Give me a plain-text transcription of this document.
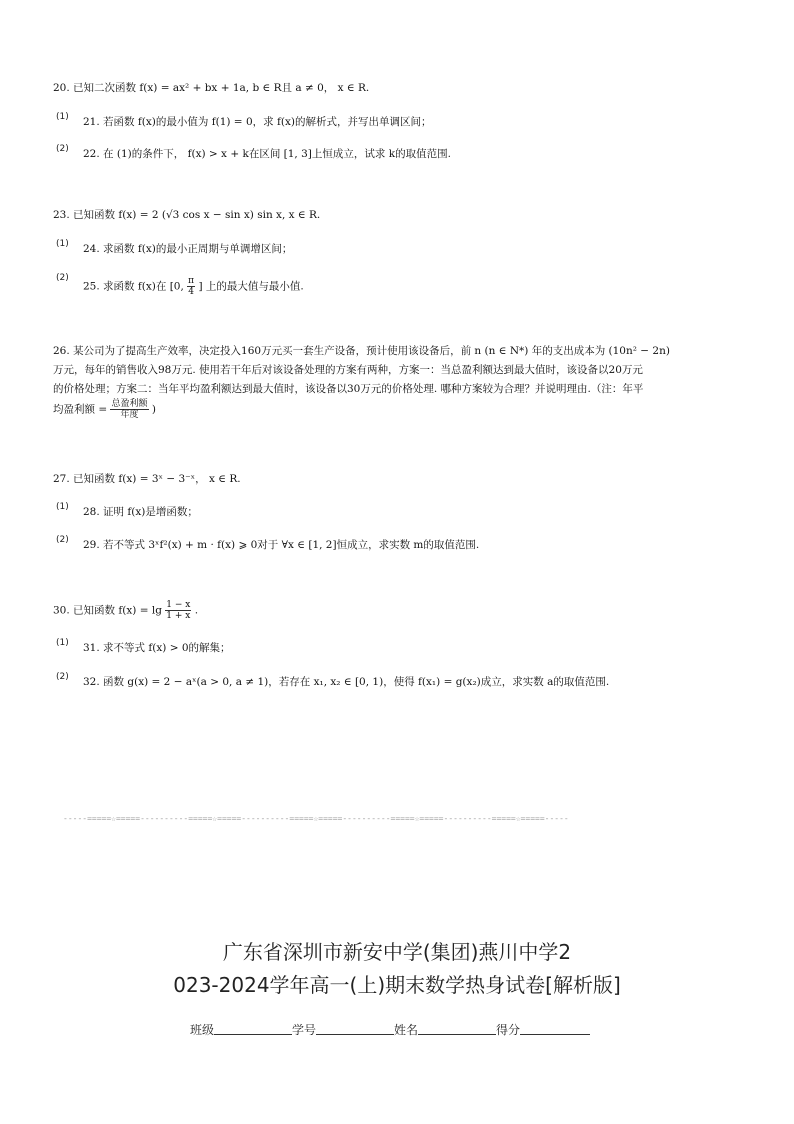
20. 已知二次函数 f(x) = ax² + bx + 1a, b ∈ R且 a ≠ 0， x ∈ R.
(1) 21. 若函数 f(x)的最小值为 f(1) = 0，求 f(x)的解析式，并写出单调区间；
(2) 22. 在 (1)的条件下， f(x) > x + k在区间 [1, 3]上恒成立，试求 k的取值范围.
23. 已知函数 f(x) = 2 (√3 cos x − sin x) sin x, x ∈ R.
(1) 24. 求函数 f(x)的最小正周期与单调增区间；
(2)
25. 求函数 f(x)在 [0, $\frac{\pi}{4}$ ] 上的最大值与最小值.
26. 某公司为了提高生产效率，决定投入160万元买一套生产设备，预计使用该设备后，前 n (n ∈ N*) 年的支出成本为 (10n² − 2n)
万元，每年的销售收入98万元. 使用若干年后对该设备处理的方案有两种，方案一：当总盈利额达到最大值时，该设备以20万元
的价格处理；方案二：当年平均盈利额达到最大值时，该设备以30万元的价格处理. 哪种方案较为合理？并说明理由.（注：年平
均盈利额 = $\frac{\text{总盈利额}}{\text{年度}}$ )
27. 已知函数 f(x) = 3ˣ − 3⁻ˣ， x ∈ R.
(1) 28. 证明 f(x)是增函数；
(2) 29. 若不等式 3ˣf²(x) + m · f(x) ⩾ 0对于 ∀x ∈ [1, 2]恒成立，求实数 m的取值范围.
30. 已知函数 $f(x) = \lg \frac{1 - x}{1 + x}$ .
(1) 31. 求不等式 f(x) > 0的解集；
(2) 32. 函数 g(x) = 2 − aˣ(a > 0, a ≠ 1)，若存在 x₁, x₂ ∈ [0, 1)，使得 f(x₁) = g(x₂)成立，求实数 a的取值范围.
-----=====☆=====----------=====☆=====----------=====☆=====----------=====☆=====----------=====☆=====-----
广东省深圳市新安中学(集团)燕川中学2
023-2024学年高一(上)期末数学热身试卷[解析版]
班级	学号	姓名	得分
